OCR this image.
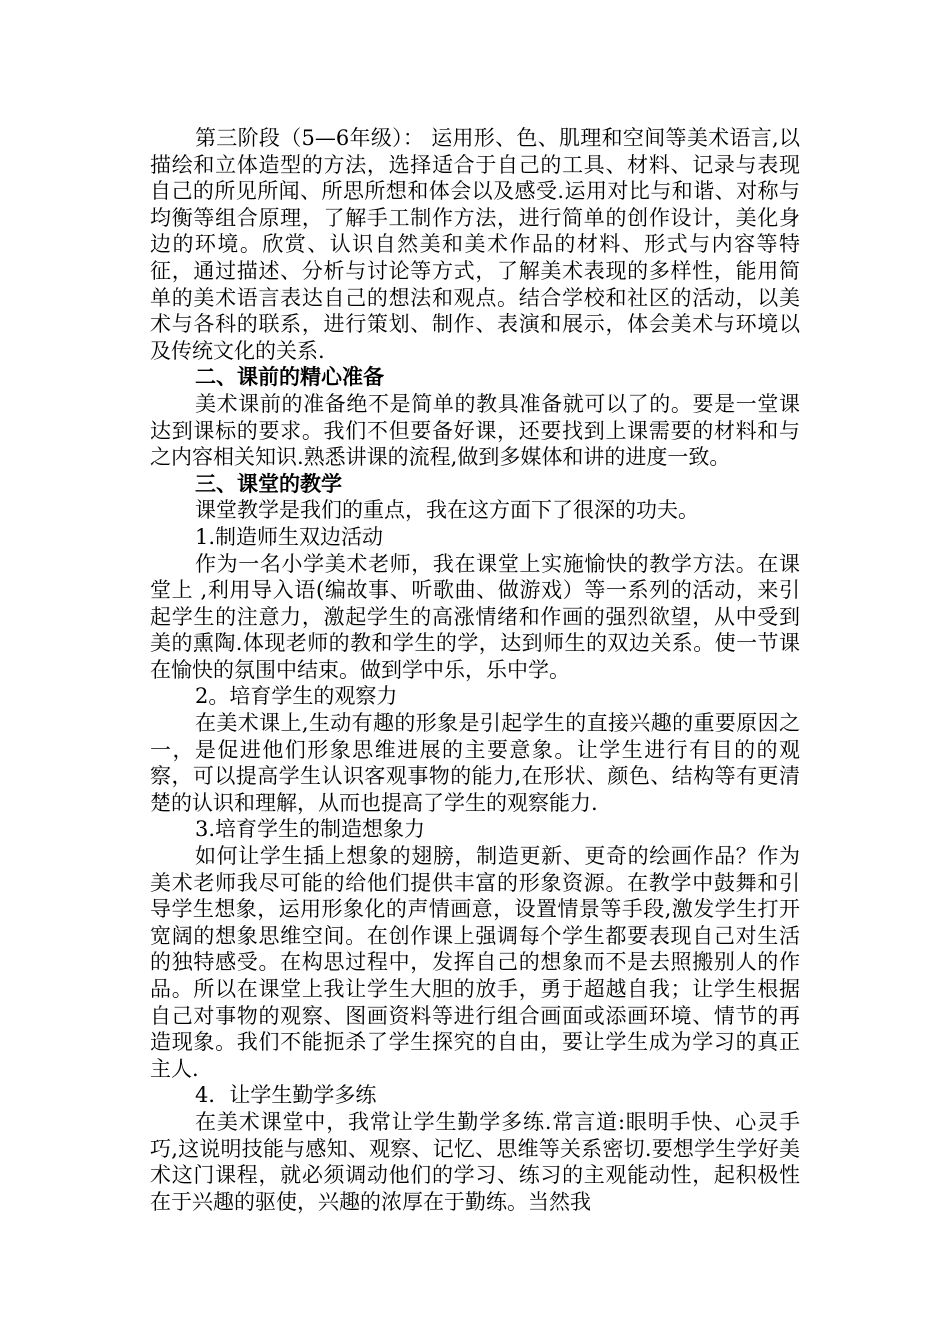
第三阶段（5—6年级）： 运用形、色、肌理和空间等美术语言,以描绘和立体造型的方法，选择适合于自己的工具、材料、记录与表现自己的所见所闻、所思所想和体会以及感受.运用对比与和谐、对称与均衡等组合原理，了解手工制作方法，进行简单的创作设计，美化身边的环境。欣赏、认识自然美和美术作品的材料、形式与内容等特征，通过描述、分析与讨论等方式，了解美术表现的多样性，能用简单的美术语言表达自己的想法和观点。结合学校和社区的活动，以美术与各科的联系，进行策划、制作、表演和展示，体会美术与环境以及传统文化的关系.

二、课前的精心准备

美术课前的准备绝不是简单的教具准备就可以了的。要是一堂课达到课标的要求。我们不但要备好课，还要找到上课需要的材料和与之内容相关知识.熟悉讲课的流程,做到多媒体和讲的进度一致。

三、课堂的教学

课堂教学是我们的重点，我在这方面下了很深的功夫。

1.制造师生双边活动

作为一名小学美术老师，我在课堂上实施愉快的教学方法。在课堂上 ,利用导入语(编故事、听歌曲、做游戏）等一系列的活动，来引起学生的注意力，激起学生的高涨情绪和作画的强烈欲望，从中受到美的熏陶.体现老师的教和学生的学，达到师生的双边关系。使一节课在愉快的氛围中结束。做到学中乐，乐中学。

2。培育学生的观察力

在美术课上,生动有趣的形象是引起学生的直接兴趣的重要原因之一，是促进他们形象思维进展的主要意象。让学生进行有目的的观察，可以提高学生认识客观事物的能力,在形状、颜色、结构等有更清楚的认识和理解，从而也提高了学生的观察能力.

3.培育学生的制造想象力

如何让学生插上想象的翅膀，制造更新、更奇的绘画作品？作为美术老师我尽可能的给他们提供丰富的形象资源。在教学中鼓舞和引导学生想象，运用形象化的声情画意，设置情景等手段,激发学生打开宽阔的想象思维空间。在创作课上强调每个学生都要表现自己对生活的独特感受。在构思过程中，发挥自己的想象而不是去照搬别人的作品。所以在课堂上我让学生大胆的放手，勇于超越自我；让学生根据自己对事物的观察、图画资料等进行组合画面或添画环境、情节的再造现象。我们不能扼杀了学生探究的自由，要让学生成为学习的真正主人.

4．让学生勤学多练

在美术课堂中，我常让学生勤学多练.常言道:眼明手快、心灵手巧,这说明技能与感知、观察、记忆、思维等关系密切.要想学生学好美术这门课程，就必须调动他们的学习、练习的主观能动性，起积极性在于兴趣的驱使，兴趣的浓厚在于勤练。当然我
